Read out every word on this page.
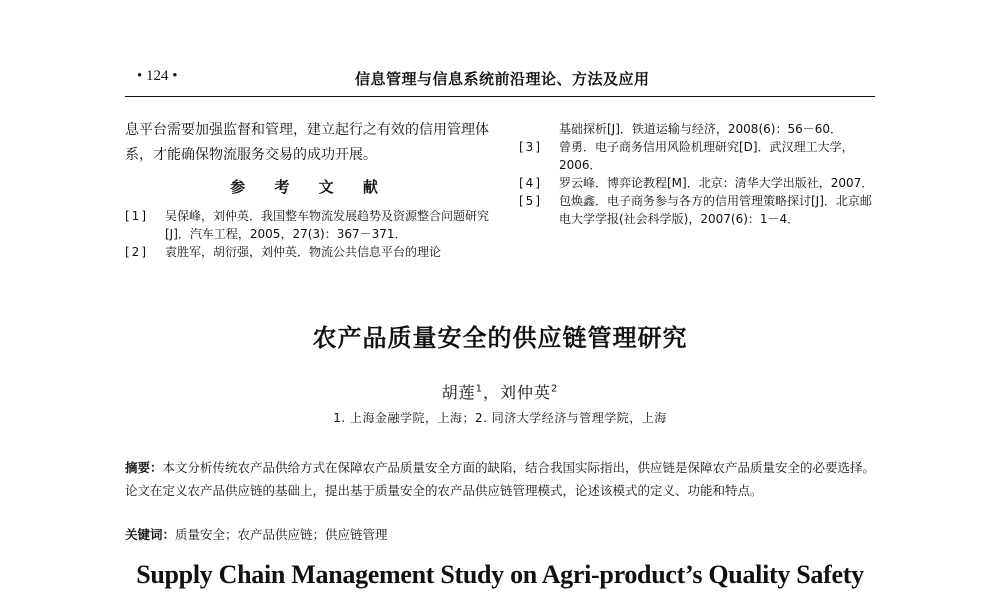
• 124 •	信息管理与信息系统前沿理论、方法及应用
息平台需要加强监督和管理，建立起行之有效的信用管理体系，才能确保物流服务交易的成功开展。
参 考 文 献
[1]	吴保峰，刘仲英．我国整车物流发展趋势及资源整合问题研究[J]．汽车工程，2005，27(3)：367－371．
[2]	袁胜军，胡衍强，刘仲英．物流公共信息平台的理论
基础探析[J]．铁道运输与经济，2008(6)：56－60．
[3]	曾勇．电子商务信用风险机理研究[D]．武汉理工大学，2006．
[4]	罗云峰．博弈论教程[M]．北京：清华大学出版社，2007．
[5]	包焕鑫．电子商务参与各方的信用管理策略探讨[J]．北京邮电大学学报(社会科学版)，2007(6)：1－4．
农产品质量安全的供应链管理研究
胡莲$^1$，刘仲英$^2$
1. 上海金融学院，上海；2. 同济大学经济与管理学院，上海
摘要：本文分析传统农产品供给方式在保障农产品质量安全方面的缺陷，结合我国实际指出，供应链是保障农产品质量安全的必要选择。论文在定义农产品供应链的基础上，提出基于质量安全的农产品供应链管理模式，论述该模式的定义、功能和特点。
关键词：质量安全；农产品供应链；供应链管理
Supply Chain Management Study on Agri-product’s Quality Safety
